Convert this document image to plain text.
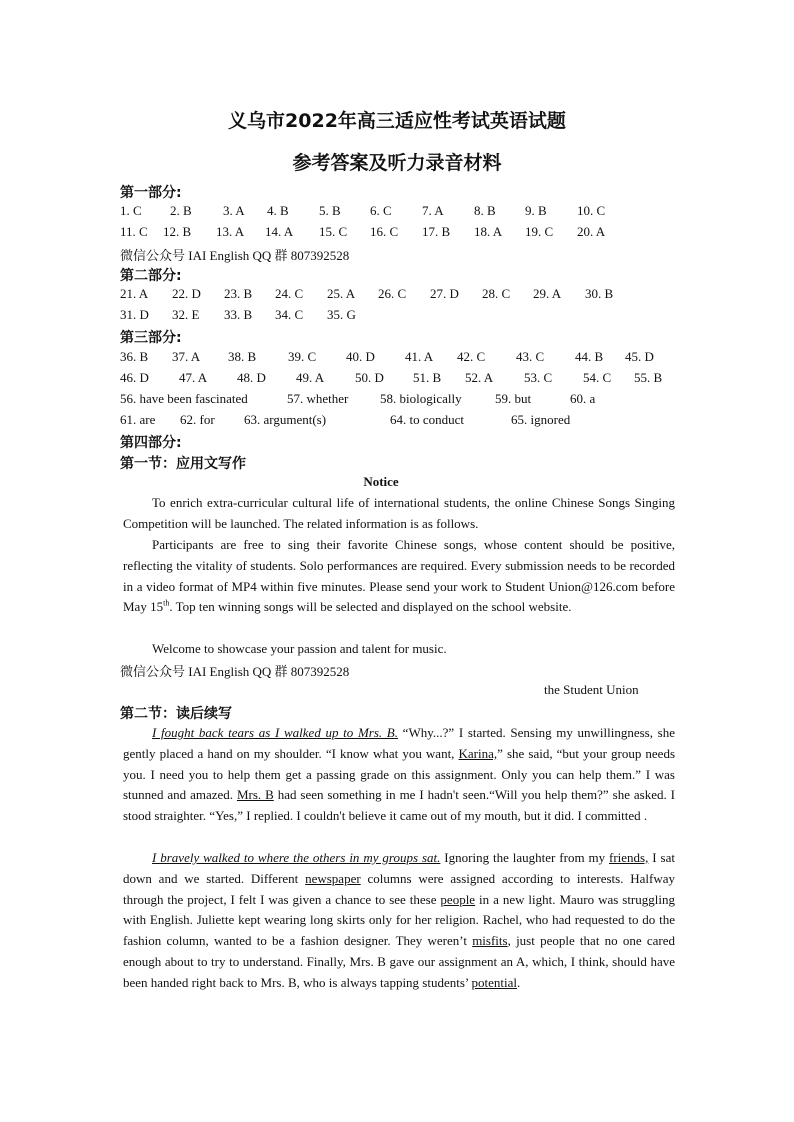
义乌市2022年高三适应性考试英语试题
参考答案及听力录音材料
第一部分:
1. C 2. B 3. A 4. B 5. B 6. C 7. A 8. B 9. B 10. C
11. C 12. B 13. A 14. A 15. C 16. C 17. B 18. A 19. C 20. A
微信公众号 IAI English QQ 群 807392528
第二部分:
21. A 22. D 23. B 24. C 25. A 26. C 27. D 28. C 29. A 30. B
31. D 32. E 33. B 34. C 35. G
第三部分:
36. B 37. A 38. B 39. C 40. D 41. A 42. C 43. C 44. B 45. D
46. D 47. A 48. D 49. A 50. D 51. B 52. A 53. C 54. C 55. B
56. have been fascinated	57. whether 58. biologically	59. but	60. a
61. are 62. for 63. argument(s)	64. to conduct	65. ignored
第四部分:
第一节：应用文写作
Notice

To enrich extra-curricular cultural life of international students, the online Chinese Songs Singing Competition will be launched. The related information is as follows.

Participants are free to sing their favorite Chinese songs, whose content should be positive, reflecting the vitality of students. Solo performances are required. Every submission needs to be recorded in a video format of MP4 within five minutes. Please send your work to Student Union@126.com before May 15th. Top ten winning songs will be selected and displayed on the school website.

Welcome to showcase your passion and talent for music.

微信公众号 IAI English QQ 群 807392528
the Student Union
第二节：读后续写

I fought back tears as I walked up to Mrs. B. “Why...?” I started. Sensing my unwillingness, she gently placed a hand on my shoulder. “I know what you want, Karina,” she said, “but your group needs you. I need you to help them get a passing grade on this assignment. Only you can help them.” I was stunned and amazed. Mrs. B had seen something in me I hadn't seen.“Will you help them?” she asked. I stood straighter. “Yes,” I replied. I couldn't believe it came out of my mouth, but it did. I committed .

I bravely walked to where the others in my groups sat. Ignoring the laughter from my friends, I sat down and we started. Different newspaper columns were assigned according to interests. Halfway through the project, I felt I was given a chance to see these people in a new light. Mauro was struggling with English. Juliette kept wearing long skirts only for her religion. Rachel, who had requested to do the fashion column, wanted to be a fashion designer. They weren’t misfits, just people that no one cared enough about to try to understand. Finally, Mrs. B gave our assignment an A, which, I think, should have been handed right back to Mrs. B, who is always tapping students’ potential.
